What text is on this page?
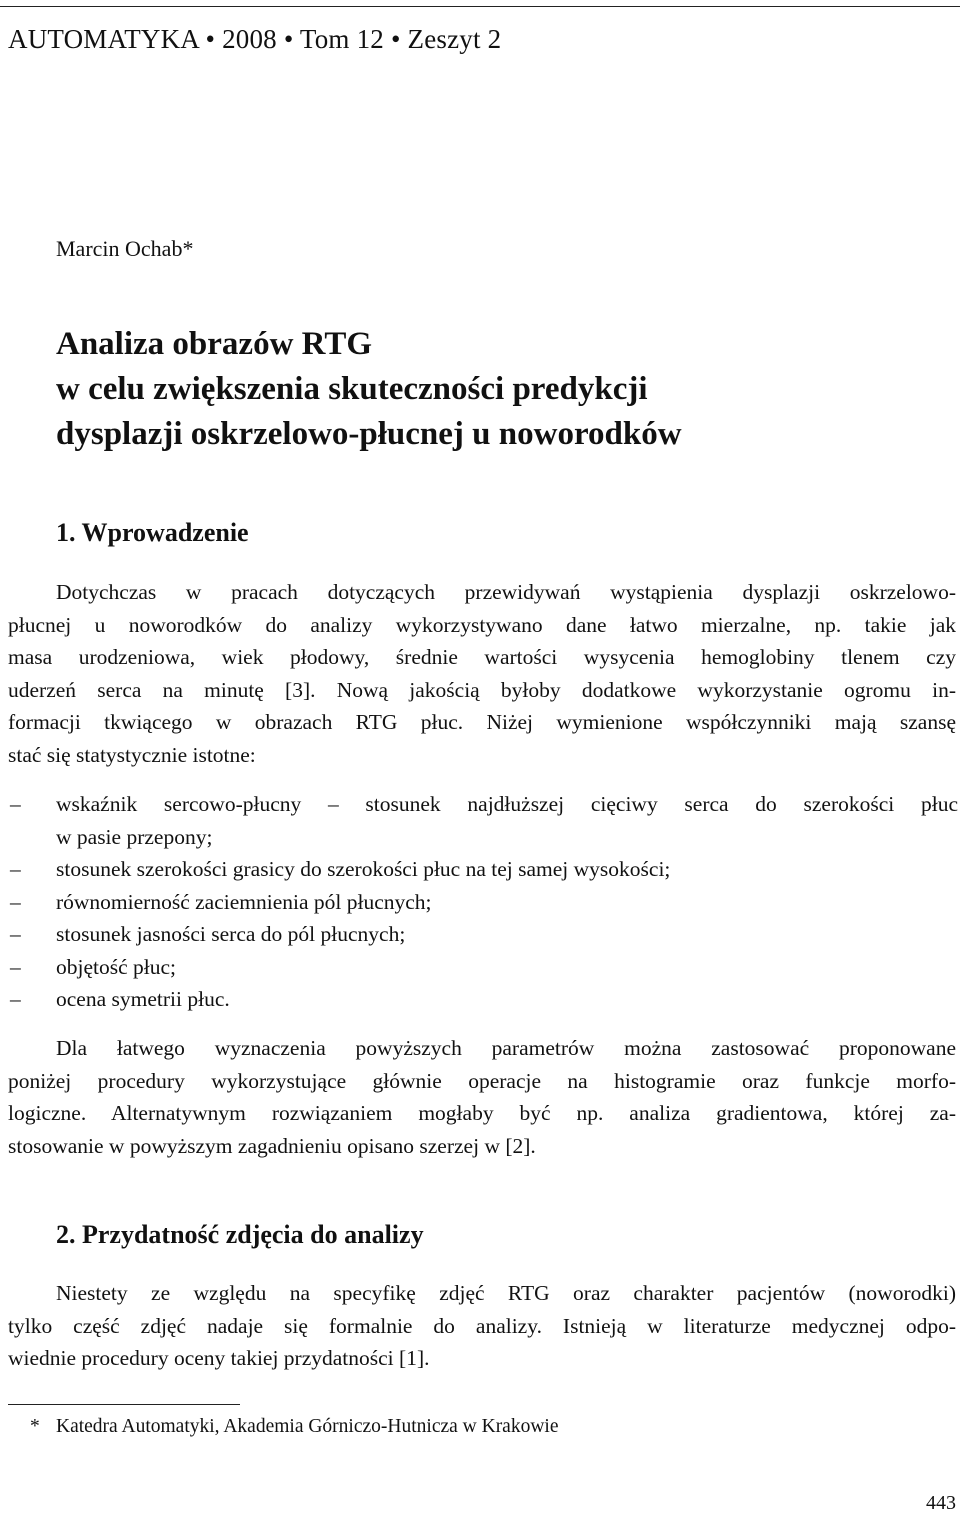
AUTOMATYKA • 2008 • Tom 12 • Zeszyt 2
Marcin Ochab*
Analiza obrazów RTG
w celu zwiększenia skuteczności predykcji
dysplazji oskrzelowo-płucnej u noworodków
1. Wprowadzenie
Dotychczas w pracach dotyczących przewidywań wystąpienia dysplazji oskrzelowo-
płucnej u noworodków do analizy wykorzystywano dane łatwo mierzalne, np. takie jak
masa urodzeniowa, wiek płodowy, średnie wartości wysycenia hemoglobiny tlenem czy
uderzeń serca na minutę [3]. Nową jakością byłoby dodatkowe wykorzystanie ogromu in-
formacji tkwiącego w obrazach RTG płuc. Niżej wymienione współczynniki mają szansę
stać się statystycznie istotne:
– wskaźnik sercowo-płucny – stosunek najdłuższej cięciwy serca do szerokości płuc
w pasie przepony;
– stosunek szerokości grasicy do szerokości płuc na tej samej wysokości;
– równomierność zaciemnienia pól płucnych;
– stosunek jasności serca do pól płucnych;
– objętość płuc;
– ocena symetrii płuc.
Dla łatwego wyznaczenia powyższych parametrów można zastosować proponowane
poniżej procedury wykorzystujące głównie operacje na histogramie oraz funkcje morfo-
logiczne. Alternatywnym rozwiązaniem mogłaby być np. analiza gradientowa, której za-
stosowanie w powyższym zagadnieniu opisano szerzej w [2].
2. Przydatność zdjęcia do analizy
Niestety ze względu na specyfikę zdjęć RTG oraz charakter pacjentów (noworodki)
tylko część zdjęć nadaje się formalnie do analizy. Istnieją w literaturze medycznej odpo-
wiednie procedury oceny takiej przydatności [1].
* Katedra Automatyki, Akademia Górniczo-Hutnicza w Krakowie
443
